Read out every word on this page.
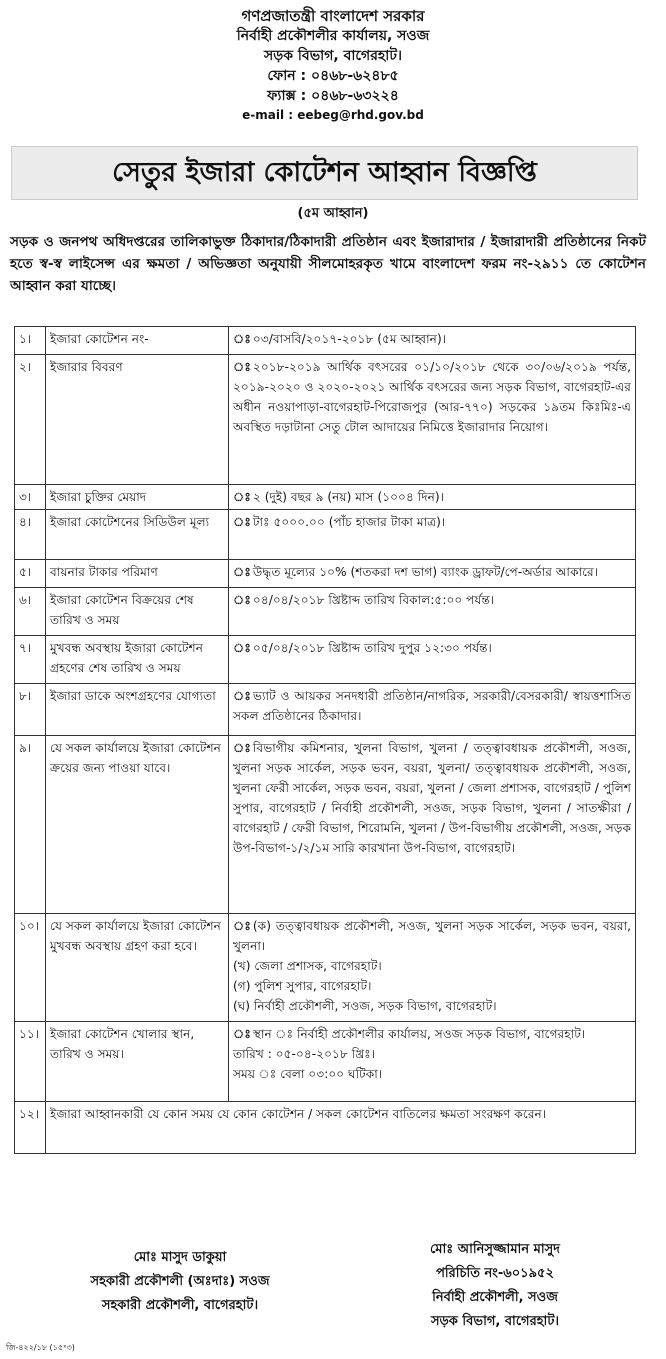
গণপ্রজাতন্ত্রী বাংলাদেশ সরকার
নির্বাহী প্রকৌশলীর কার্যালয়, সওজ
সড়ক বিভাগ, বাগেরহাট।
ফোন : ০৪৬৮-৬২৪৮৫
ফ্যাক্স : ০৪৬৮-৬৩২২৪
e-mail : eebeg@rhd.gov.bd
সেতুর ইজারা কোটেশন আহ্বান বিজ্ঞপ্তি
(৫ম আহ্বান)
সড়ক ও জনপথ অধিদপ্তরের তালিকাভুক্ত ঠিকাদার/ঠিকাদারী প্রতিষ্ঠান এবং ইজারাদার / ইজারাদারী প্রতিষ্ঠানের নিকট হতে স্ব-স্ব লাইসেন্স এর ক্ষমতা / অভিজ্ঞতা অনুযায়ী সীলমোহরকৃত খামে বাংলাদেশ ফরম নং-২৯১১ তে কোটেশন আহ্বান করা যাচ্ছে।
১।	ইজারা কোটেশন নং-	ঃ ০৩/বাসবি/২০১৭-২০১৮ (৫ম আহ্বান)।
২।	ইজারার বিবরণ	ঃ ২০১৮-২০১৯ আর্থিক বৎসরের ০১/১০/২০১৮ থেকে ৩০/০৬/২০১৯ পর্যন্ত, ২০১৯-২০২০ ও ২০২০-২০২১ আর্থিক বৎসরের জন্য সড়ক বিভাগ, বাগেরহাট-এর অধীন নওয়াপাড়া-বাগেরহাট-পিরোজপুর (আর-৭৭০) সড়কের ১৯তম কিঃমিঃ-এ অবস্থিত দড়াটানা সেতু টোল আদায়ের নিমিত্তে ইজারাদার নিয়োগ।
৩।	ইজারা চুক্তির মেয়াদ	ঃ ২ (দুই) বছর ৯ (নয়) মাস (১০০৪ দিন)।
৪।	ইজারা কোটেশনের সিডিউল মূল্য	ঃ টাঃ ৫০০০.০০ (পাঁচ হাজার টাকা মাত্র)।
৫।	বায়নার টাকার পরিমাণ	ঃ উদ্ধৃত মূল্যের ১০% (শতকরা দশ ভাগ) ব্যাংক ড্রাফট/পে-অর্ডার আকারে।
৬।	ইজারা কোটেশন বিক্রয়ের শেষ তারিখ ও সময়	ঃ ০৪/০৪/২০১৮ খ্রিষ্টাব্দ তারিখ বিকাল:৫:০০ পর্যন্ত।
৭।	মুখবন্ধ অবস্থায় ইজারা কোটেশন গ্রহণের শেষ তারিখ ও সময়	ঃ ০৫/০৪/২০১৮ খ্রিষ্টাব্দ তারিখ দুপুর ১২:৩০ পর্যন্ত।
৮।	ইজারা ডাকে অংশগ্রহণের যোগ্যতা	ঃ ভ্যাট ও আয়কর সনদধারী প্রতিষ্ঠান/নাগরিক, সরকারী/বেসরকারী/ স্বায়ত্তশাসিত সকল প্রতিষ্ঠানের ঠিকাদার।
৯।	যে সকল কার্যালয়ে ইজারা কোটেশন ক্রয়ের জন্য পাওয়া যাবে।	ঃ বিভাগীয় কমিশনার, খুলনা বিভাগ, খুলনা / তত্ত্বাবধায়ক প্রকৌশলী, সওজ, খুলনা সড়ক সার্কেল, সড়ক ভবন, বয়রা, খুলনা/ তত্ত্বাবধায়ক প্রকৌশলী, সওজ, খুলনা ফেরী সার্কেল, সড়ক ভবন, বয়রা, খুলনা / জেলা প্রশাসক, বাগেরহাট / পুলিশ সুপার, বাগেরহাট / নির্বাহী প্রকৌশলী, সওজ, সড়ক বিভাগ, খুলনা / সাতক্ষীরা / বাগেরহাট / ফেরী বিভাগ, শিরোমনি, খুলনা / উপ-বিভাগীয় প্রকৌশলী, সওজ, সড়ক উপ-বিভাগ-১/২/১ম সারি কারখানা উপ-বিভাগ, বাগেরহাট।
১০।	যে সকল কার্যালয়ে ইজারা কোটেশন মুখবন্ধ অবস্থায় গ্রহণ করা হবে।	ঃ (ক) তত্ত্বাবধায়ক প্রকৌশলী, সওজ, খুলনা সড়ক সার্কেল, সড়ক ভবন, বয়রা, খুলনা।
(খ) জেলা প্রশাসক, বাগেরহাট।
(গ) পুলিশ সুপার, বাগেরহাট।
(ঘ) নির্বাহী প্রকৌশলী, সওজ, সড়ক বিভাগ, বাগেরহাট।

১১।	ইজারা কোটেশন খোলার স্থান, তারিখ ও সময়।	ঃ স্থান ঃ নির্বাহী প্রকৌশলীর কার্যালয়, সওজ সড়ক বিভাগ, বাগেরহাট।
তারিখ : ০৫-০৪-২০১৮ খ্রিঃ।
সময় ঃ বেলা ০৩:০০ ঘটিকা।

১২।	ইজারা আহ্বানকারী যে কোন সময় যে কোন কোটেশন / সকল কোটেশন বাতিলের ক্ষমতা সংরক্ষণ করেন।	
মোঃ মাসুদ ডাকুয়া
সহকারী প্রকৌশলী (অঃদাঃ) সওজ
সহকারী প্রকৌশলী, বাগেরহাট।
মোঃ আনিসুজ্জামান মাসুদ
পরিচিতি নং-৬০১৯৫২
নির্বাহী প্রকৌশলী, সওজ
সড়ক বিভাগ, বাগেরহাট।
জি-৪২২/১৮ (১৫ˣ৩)
